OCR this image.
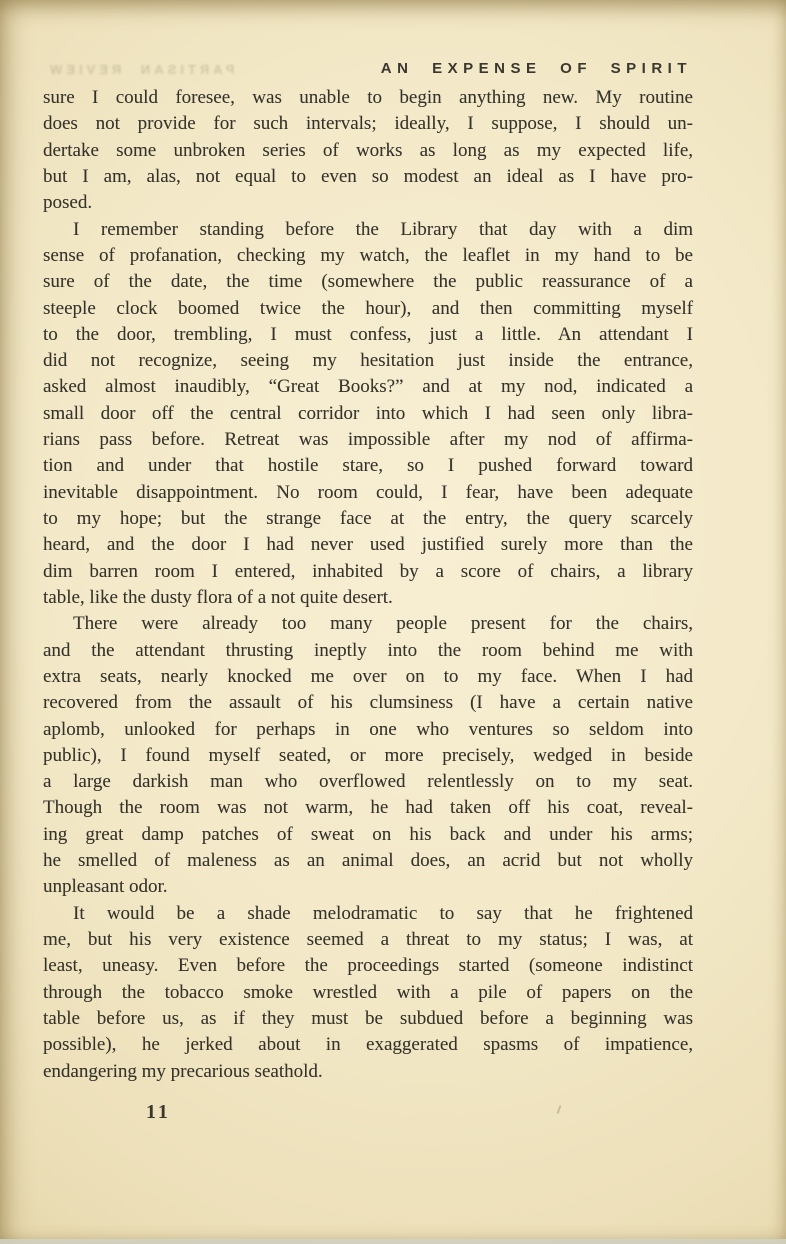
PARTISAN REVIEW	AN EXPENSE OF SPIRIT
sure I could foresee, was unable to begin anything new. My routine
does not provide for such intervals; ideally, I suppose, I should un-
dertake some unbroken series of works as long as my expected life,
but I am, alas, not equal to even so modest an ideal as I have pro-
posed.
I remember standing before the Library that day with a dim
sense of profanation, checking my watch, the leaflet in my hand to be
sure of the date, the time (somewhere the public reassurance of a
steeple clock boomed twice the hour), and then committing myself
to the door, trembling, I must confess, just a little. An attendant I
did not recognize, seeing my hesitation just inside the entrance,
asked almost inaudibly, “Great Books?” and at my nod, indicated a
small door off the central corridor into which I had seen only libra-
rians pass before. Retreat was impossible after my nod of affirma-
tion and under that hostile stare, so I pushed forward toward
inevitable disappointment. No room could, I fear, have been adequate
to my hope; but the strange face at the entry, the query scarcely
heard, and the door I had never used justified surely more than the
dim barren room I entered, inhabited by a score of chairs, a library
table, like the dusty flora of a not quite desert.
There were already too many people present for the chairs,
and the attendant thrusting ineptly into the room behind me with
extra seats, nearly knocked me over on to my face. When I had
recovered from the assault of his clumsiness (I have a certain native
aplomb, unlooked for perhaps in one who ventures so seldom into
public), I found myself seated, or more precisely, wedged in beside
a large darkish man who overflowed relentlessly on to my seat.
Though the room was not warm, he had taken off his coat, reveal-
ing great damp patches of sweat on his back and under his arms;
he smelled of maleness as an animal does, an acrid but not wholly
unpleasant odor.
It would be a shade melodramatic to say that he frightened
me, but his very existence seemed a threat to my status; I was, at
least, uneasy. Even before the proceedings started (someone indistinct
through the tobacco smoke wrestled with a pile of papers on the
table before us, as if they must be subdued before a beginning was
possible), he jerked about in exaggerated spasms of impatience,
endangering my precarious seathold.
11
